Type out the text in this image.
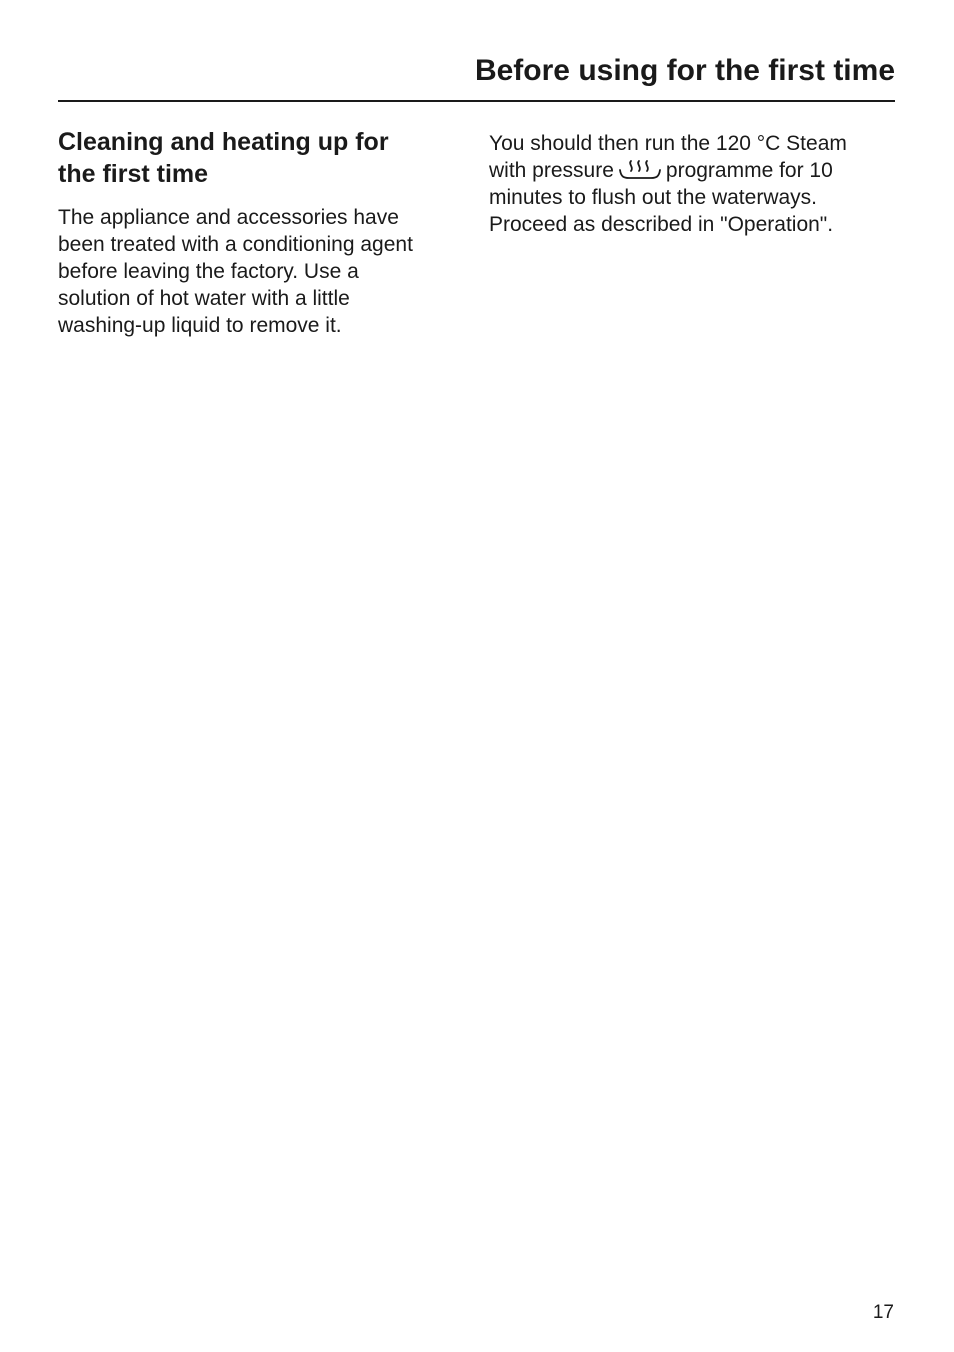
Before using for the first time
Cleaning and heating up for
the first time
The appliance and accessories have
been treated with a conditioning agent
before leaving the factory. Use a
solution of hot water with a little
washing-up liquid to remove it.
You should then run the 120 °C Steam
with pressure programme for 10
minutes to flush out the waterways.
Proceed as described in "Operation".
17
